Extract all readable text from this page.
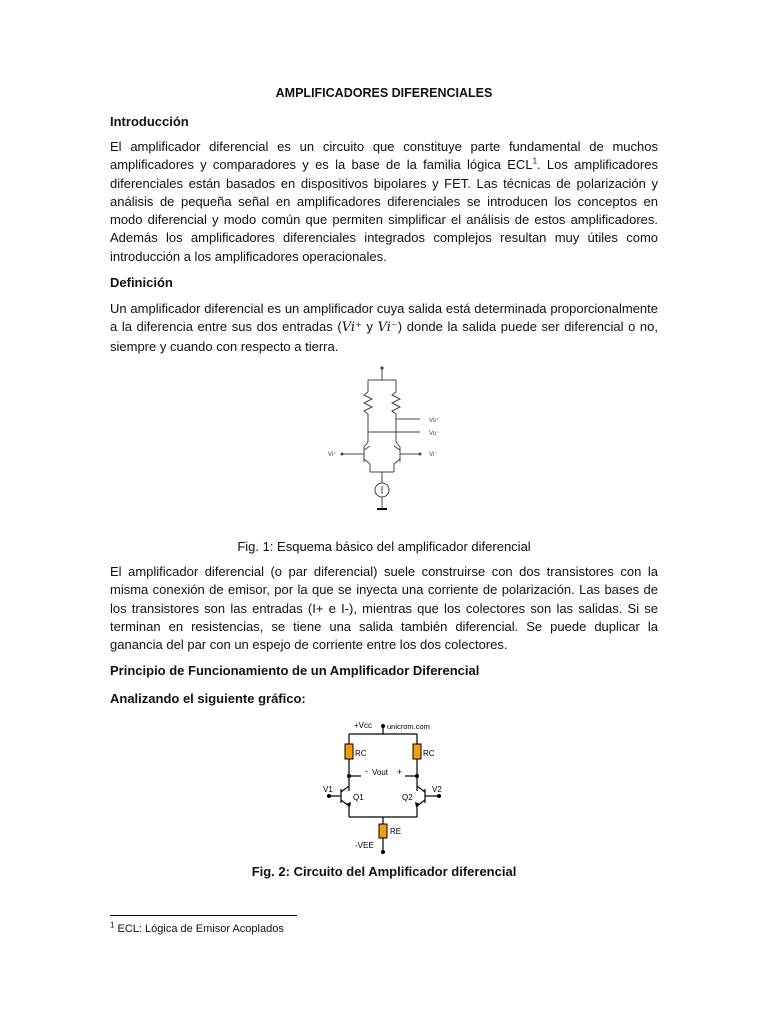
AMPLIFICADORES DIFERENCIALES
Introducción
El amplificador diferencial es un circuito que constituye parte fundamental de muchos amplificadores y comparadores y es la base de la familia lógica ECL$^1$. Los amplificadores diferenciales están basados en dispositivos bipolares y FET. Las técnicas de polarización y análisis de pequeña señal en amplificadores diferenciales se introducen los conceptos en modo diferencial y modo común que permiten simplificar el análisis de estos amplificadores. Además los amplificadores diferenciales integrados complejos resultan muy útiles como introducción a los amplificadores operacionales.
Definición
Un amplificador diferencial es un amplificador cuya salida está determinada proporcionalmente a la diferencia entre sus dos entradas (Vi⁺ y Vi⁻) donde la salida puede ser diferencial o no, siempre y cuando con respecto a tierra.
Vo⁺
Vo⁻
Vi⁺	Vi⁻
Fig. 1: Esquema básico del amplificador diferencial
El amplificador diferencial (o par diferencial) suele construirse con dos transistores con la misma conexión de emisor, por la que se inyecta una corriente de polarización. Las bases de los transistores son las entradas (I+ e I-), mientras que los colectores son las salidas. Si se terminan en resistencias, se tiene una salida también diferencial. Se puede duplicar la ganancia del par con un espejo de corriente entre los dos colectores.
Principio de Funcionamiento de un Amplificador Diferencial
Analizando el siguiente gráfico:
+Vcc unicrom.com
RC	RC
- Vout +
V1	V2
Q1	Q2
RE
-VEE
Fig. 2: Circuito del Amplificador diferencial
$^1$ ECL: Lógica de Emisor Acoplados
